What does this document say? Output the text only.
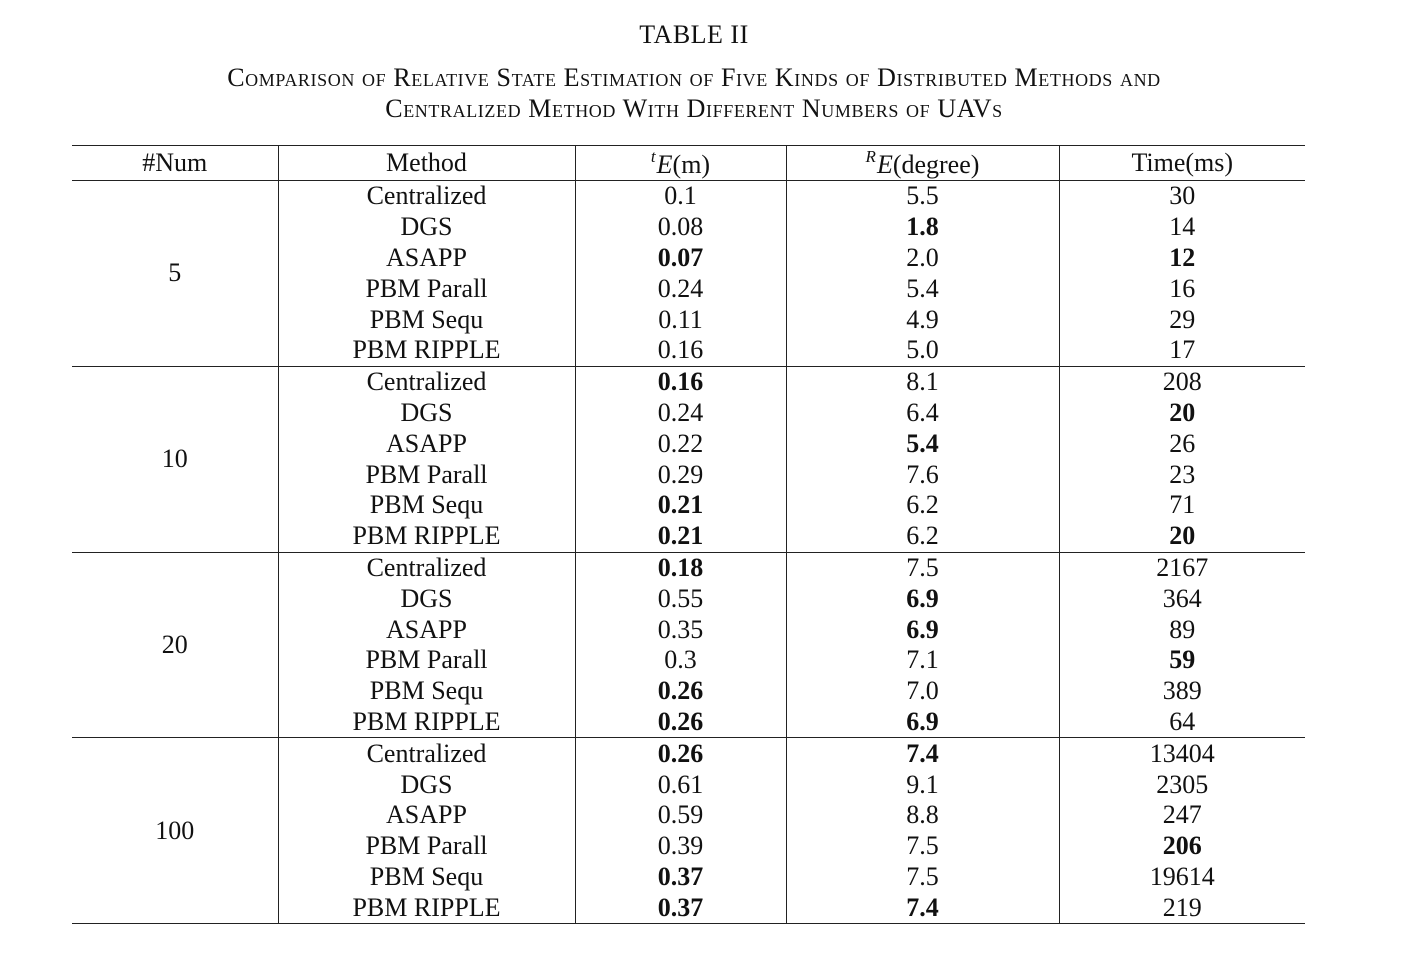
TABLE II
Comparison of Relative State Estimation of Five Kinds of Distributed Methods and
Centralized Method With Different Numbers of UAVs
#Num	Method	$^t$E(m)	$^R$E(degree)	Time(ms)
5	Centralized	0.1	5.5	30
	DGS	0.08	1.8	14
	ASAPP	0.07	2.0	12
	PBM Parall	0.24	5.4	16
	PBM Sequ	0.11	4.9	29
	PBM RIPPLE	0.16	5.0	17
10	Centralized	0.16	8.1	208
	DGS	0.24	6.4	20
	ASAPP	0.22	5.4	26
	PBM Parall	0.29	7.6	23
	PBM Sequ	0.21	6.2	71
	PBM RIPPLE	0.21	6.2	20
20	Centralized	0.18	7.5	2167
	DGS	0.55	6.9	364
	ASAPP	0.35	6.9	89
	PBM Parall	0.3	7.1	59
	PBM Sequ	0.26	7.0	389
	PBM RIPPLE	0.26	6.9	64
100	Centralized	0.26	7.4	13404
	DGS	0.61	9.1	2305
	ASAPP	0.59	8.8	247
	PBM Parall	0.39	7.5	206
	PBM Sequ	0.37	7.5	19614
	PBM RIPPLE	0.37	7.4	219
